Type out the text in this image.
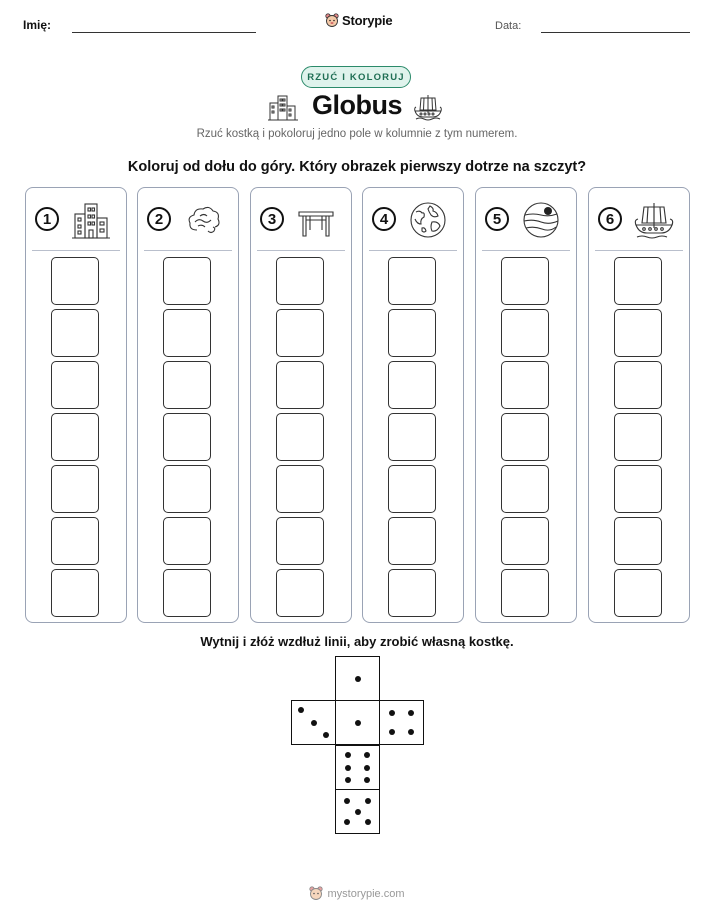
Imię:	Storypie	Data:
RZUĆ I KOLORUJ
Globus
Rzuć kostką i pokoloruj jedno pole w kolumnie z tym numerem.
Koloruj od dołu do góry. Który obrazek pierwszy dotrze na szczyt?
1	2	3	4	5	6
Wytnij i złóż wzdłuż linii, aby zrobić własną kostkę.
mystorypie.com
